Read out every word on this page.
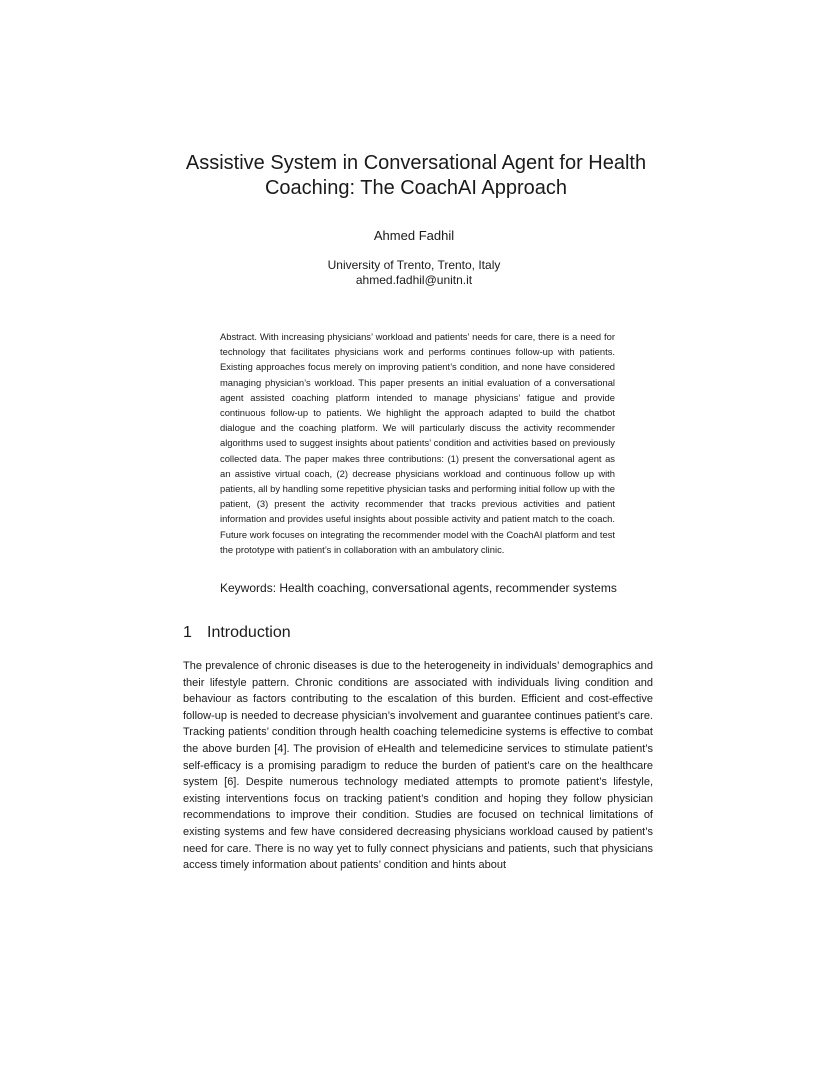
Assistive System in Conversational Agent for Health Coaching: The CoachAI Approach
Ahmed Fadhil
University of Trento, Trento, Italy
ahmed.fadhil@unitn.it

Abstract. With increasing physicians’ workload and patients’ needs for care, there is a need for technology that facilitates physicians work and performs continues follow-up with patients. Existing approaches focus merely on improving patient’s condition, and none have considered managing physician’s workload. This paper presents an initial evaluation of a conversational agent assisted coaching platform intended to manage physicians’ fatigue and provide continuous follow-up to patients. We highlight the approach adapted to build the chatbot dialogue and the coaching platform. We will particularly discuss the activity recommender algorithms used to suggest insights about patients’ condition and activities based on previously collected data. The paper makes three contributions: (1) present the conversational agent as an assistive virtual coach, (2) decrease physicians workload and continuous follow up with patients, all by handling some repetitive physician tasks and performing initial follow up with the patient, (3) present the activity recommender that tracks previous activities and patient information and provides useful insights about possible activity and patient match to the coach. Future work focuses on integrating the recommender model with the CoachAI platform and test the prototype with patient’s in collaboration with an ambulatory clinic.

Keywords: Health coaching, conversational agents, recommender systems
1 Introduction

The prevalence of chronic diseases is due to the heterogeneity in individuals’ demographics and their lifestyle pattern. Chronic conditions are associated with individuals living condition and behaviour as factors contributing to the escalation of this burden. Efficient and cost-effective follow-up is needed to decrease physician’s involvement and guarantee continues patient’s care. Tracking patients’ condition through health coaching telemedicine systems is effective to combat the above burden [4]. The provision of eHealth and telemedicine services to stimulate patient’s self-efficacy is a promising paradigm to reduce the burden of patient’s care on the healthcare system [6]. Despite numerous technology mediated attempts to promote patient’s lifestyle, existing interventions focus on tracking patient’s condition and hoping they follow physician recommendations to improve their condition. Studies are focused on technical limitations of existing systems and few have considered decreasing physicians workload caused by patient’s need for care. There is no way yet to fully connect physicians and patients, such that physicians access timely information about patients’ condition and hints about
